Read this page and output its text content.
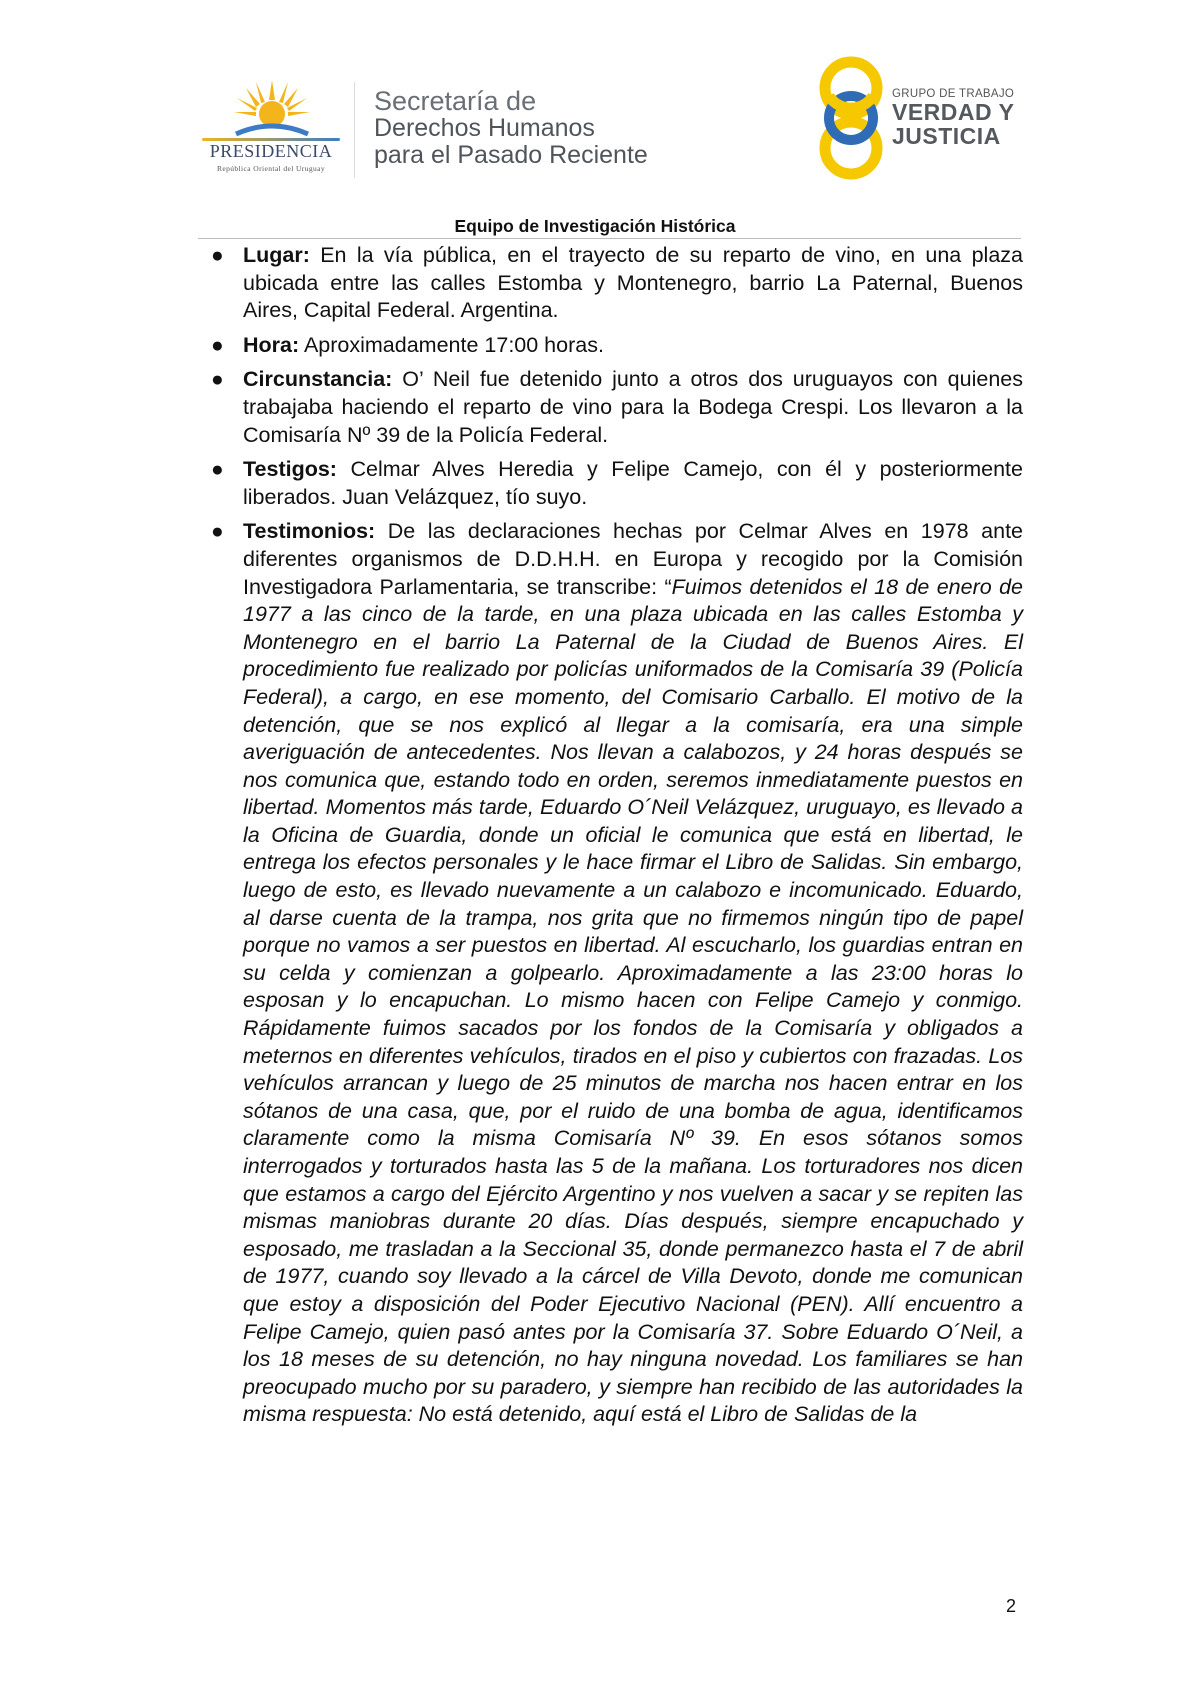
PRESIDENCIA
República Oriental del Uruguay
Secretaría de
Derechos Humanos
para el Pasado Reciente
GRUPO DE TRABAJO
VERDAD Y
JUSTICIA
Equipo de Investigación Histórica
● Lugar: En la vía pública, en el trayecto de su reparto de vino, en una plaza ubicada entre las calles Estomba y Montenegro, barrio La Paternal, Buenos Aires, Capital Federal. Argentina.
● Hora: Aproximadamente 17:00 horas.
● Circunstancia: O’ Neil fue detenido junto a otros dos uruguayos con quienes trabajaba haciendo el reparto de vino para la Bodega Crespi. Los llevaron a la Comisaría Nº 39 de la Policía Federal.
● Testigos: Celmar Alves Heredia y Felipe Camejo, con él y posteriormente liberados. Juan Velázquez, tío suyo.
● Testimonios: De las declaraciones hechas por Celmar Alves en 1978 ante diferentes organismos de D.D.H.H. en Europa y recogido por la Comisión Investigadora Parlamentaria, se transcribe: “Fuimos detenidos el 18 de enero de 1977 a las cinco de la tarde, en una plaza ubicada en las calles Estomba y Montenegro en el barrio La Paternal de la Ciudad de Buenos Aires. El procedimiento fue realizado por policías uniformados de la Comisaría 39 (Policía Federal), a cargo, en ese momento, del Comisario Carballo. El motivo de la detención, que se nos explicó al llegar a la comisaría, era una simple averiguación de antecedentes. Nos llevan a calabozos, y 24 horas después se nos comunica que, estando todo en orden, seremos inmediatamente puestos en libertad. Momentos más tarde, Eduardo O´Neil Velázquez, uruguayo, es llevado a la Oficina de Guardia, donde un oficial le comunica que está en libertad, le entrega los efectos personales y le hace firmar el Libro de Salidas. Sin embargo, luego de esto, es llevado nuevamente a un calabozo e incomunicado. Eduardo, al darse cuenta de la trampa, nos grita que no firmemos ningún tipo de papel porque no vamos a ser puestos en libertad. Al escucharlo, los guardias entran en su celda y comienzan a golpearlo. Aproximadamente a las 23:00 horas lo esposan y lo encapuchan. Lo mismo hacen con Felipe Camejo y conmigo. Rápidamente fuimos sacados por los fondos de la Comisaría y obligados a meternos en diferentes vehículos, tirados en el piso y cubiertos con frazadas. Los vehículos arrancan y luego de 25 minutos de marcha nos hacen entrar en los sótanos de una casa, que, por el ruido de una bomba de agua, identificamos claramente como la misma Comisaría Nº 39. En esos sótanos somos interrogados y torturados hasta las 5 de la mañana. Los torturadores nos dicen que estamos a cargo del Ejército Argentino y nos vuelven a sacar y se repiten las mismas maniobras durante 20 días. Días después, siempre encapuchado y esposado, me trasladan a la Seccional 35, donde permanezco hasta el 7 de abril de 1977, cuando soy llevado a la cárcel de Villa Devoto, donde me comunican que estoy a disposición del Poder Ejecutivo Nacional (PEN). Allí encuentro a Felipe Camejo, quien pasó antes por la Comisaría 37. Sobre Eduardo O´Neil, a los 18 meses de su detención, no hay ninguna novedad. Los familiares se han preocupado mucho por su paradero, y siempre han recibido de las autoridades la misma respuesta: No está detenido, aquí está el Libro de Salidas de la
2
